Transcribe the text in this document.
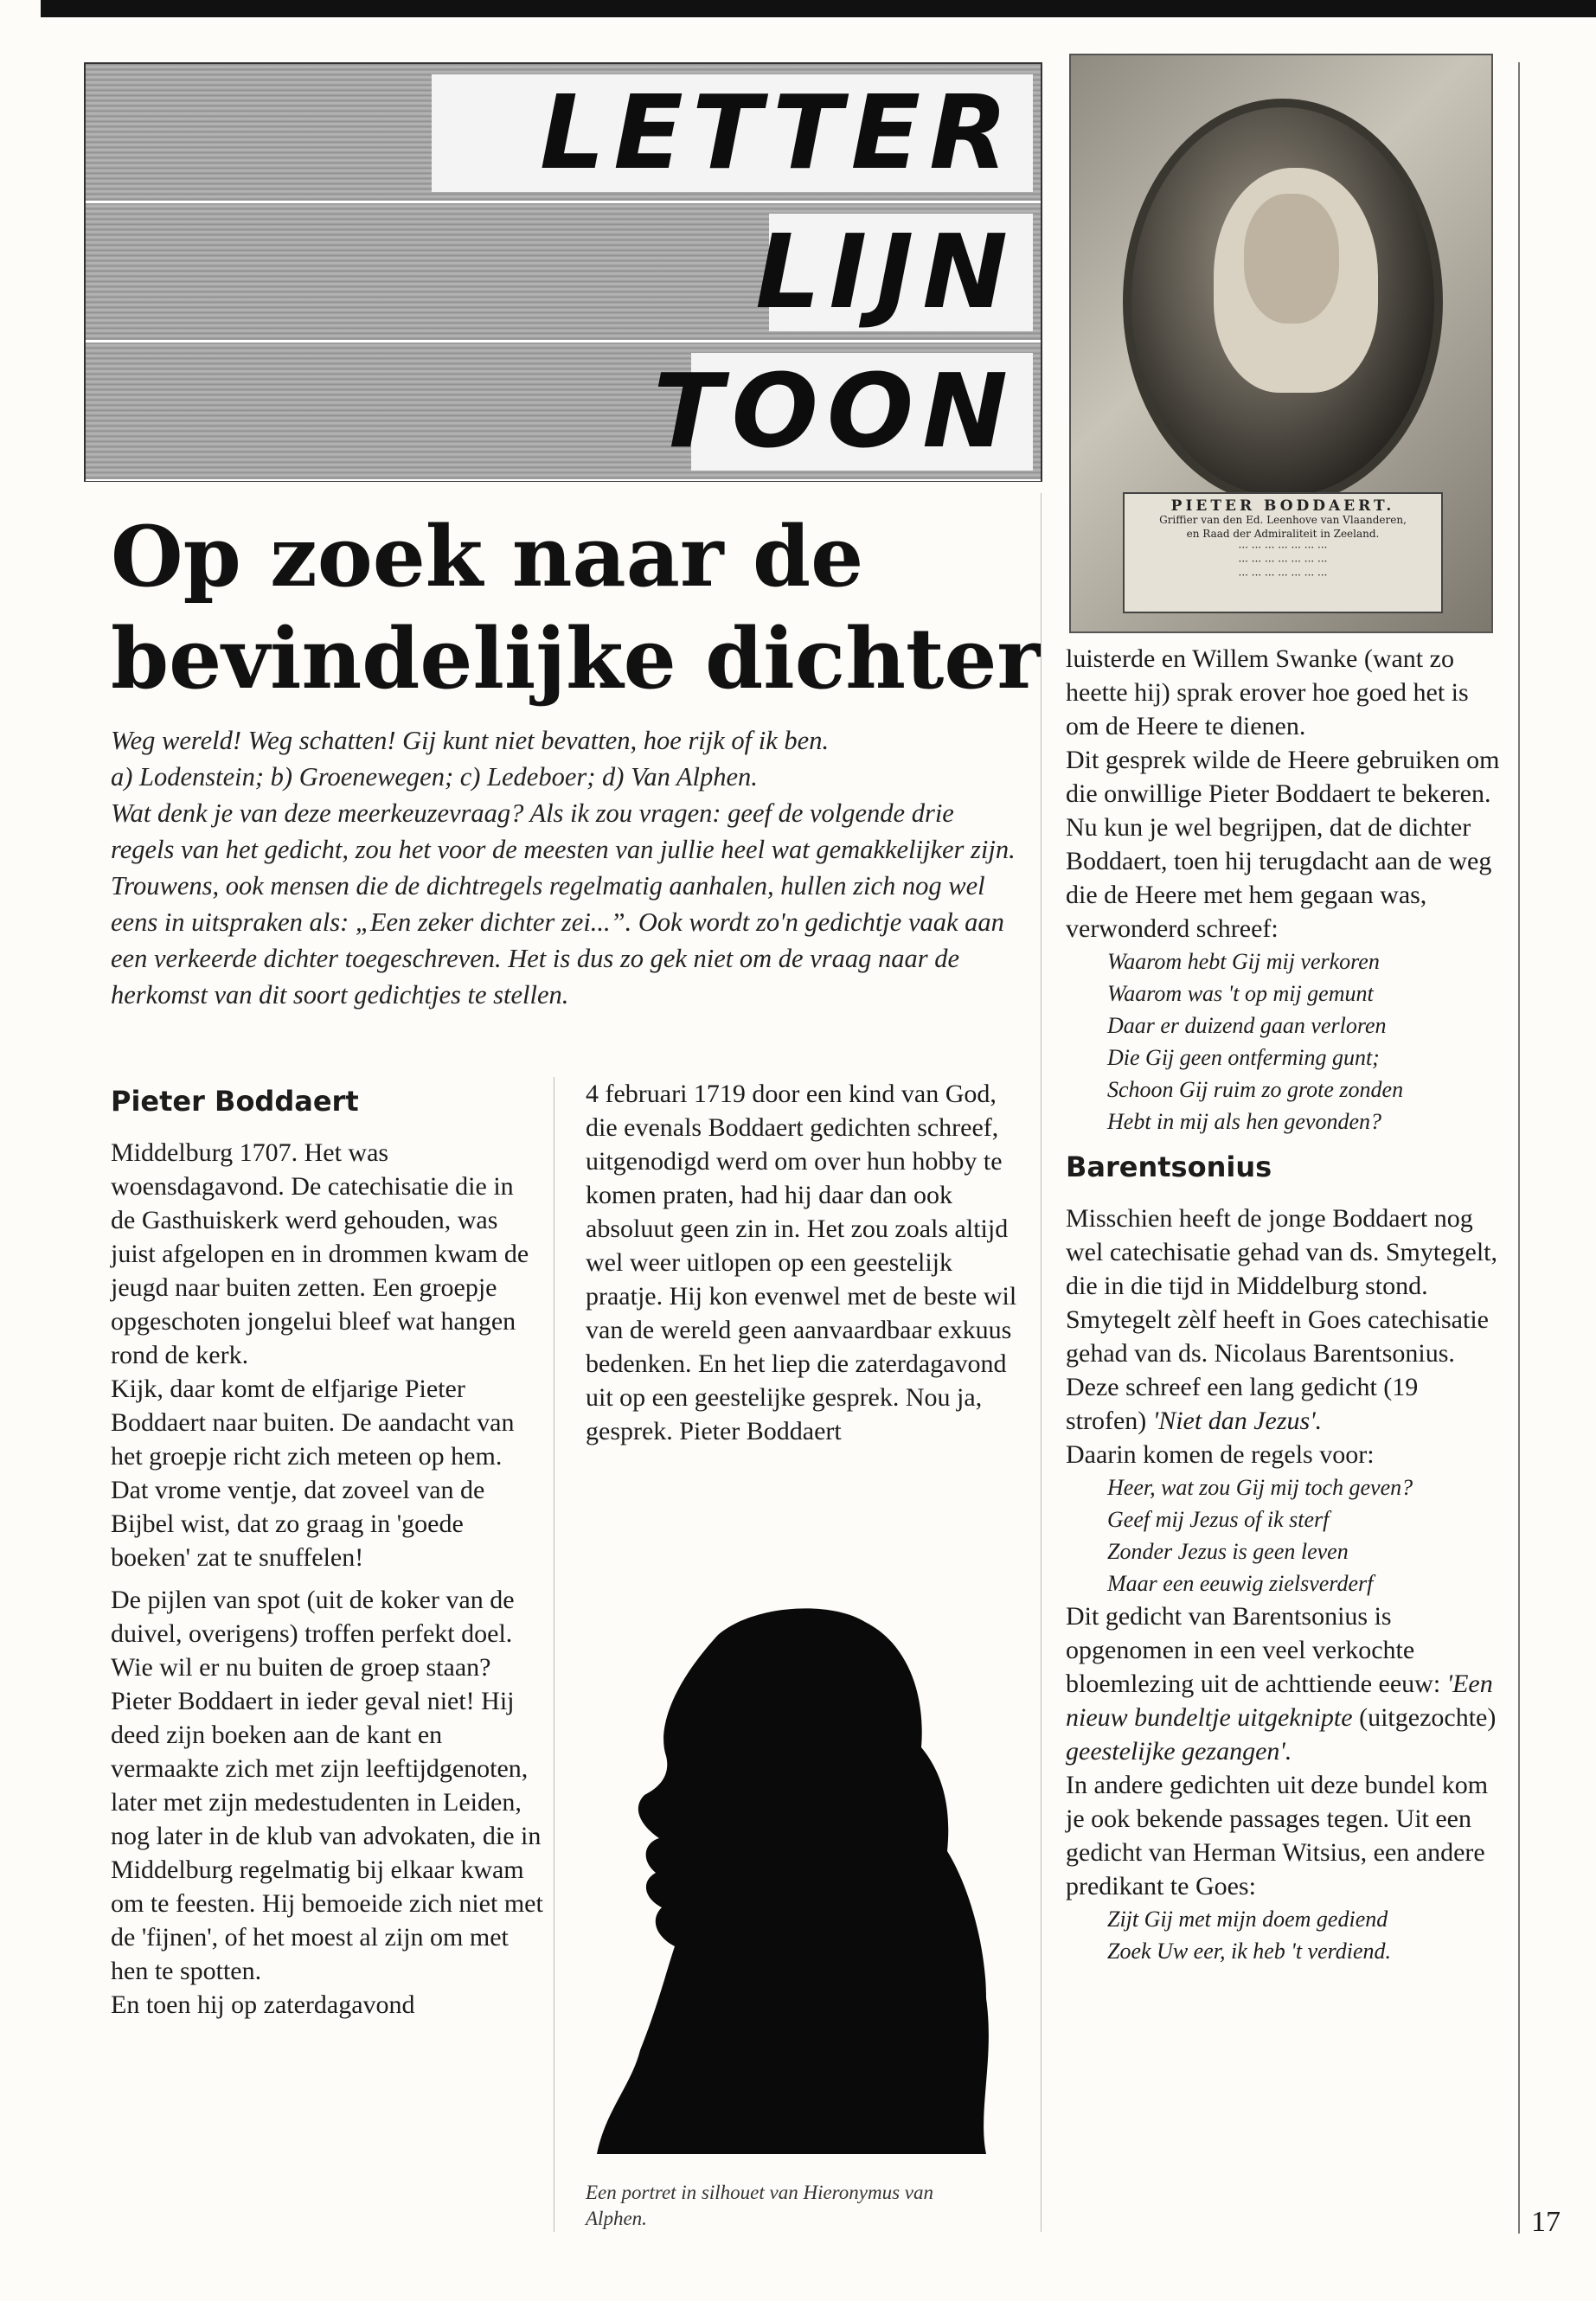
LETTER
LIJN
TOON
PIETER BODDAERT.
Griffier van den Ed. Leenhove van Vlaanderen,
en Raad der Admiraliteit in Zeeland.
··· ··· ··· ··· ··· ··· ···
··· ··· ··· ··· ··· ··· ···
··· ··· ··· ··· ··· ··· ···
Op zoek naar de
bevindelijke dichter

Weg wereld! Weg schatten! Gij kunt niet bevatten, hoe rijk of ik ben.

a) Lodenstein; b) Groenewegen; c) Ledeboer; d) Van Alphen.

Wat denk je van deze meerkeuzevraag? Als ik zou vragen: geef de volgende drie regels van het gedicht, zou het voor de meesten van jullie heel wat gemakkelijker zijn. Trouwens, ook mensen die de dichtregels regelmatig aanhalen, hullen zich nog wel eens in uitspraken als: „Een zeker dichter zei...”. Ook wordt zo'n gedichtje vaak aan een verkeerde dichter toegeschreven. Het is dus zo gek niet om de vraag naar de herkomst van dit soort gedichtjes te stellen.

Pieter Boddaert

Middelburg 1707. Het was woensdagavond. De catechisatie die in de Gasthuiskerk werd gehouden, was juist afgelopen en in drommen kwam de jeugd naar buiten zetten. Een groepje opgeschoten jongelui bleef wat hangen rond de kerk.

Kijk, daar komt de elfjarige Pieter Boddaert naar buiten. De aandacht van het groepje richt zich meteen op hem. Dat vrome ventje, dat zoveel van de Bijbel wist, dat zo graag in 'goede boeken' zat te snuffelen!

De pijlen van spot (uit de koker van de duivel, overigens) troffen perfekt doel. Wie wil er nu buiten de groep staan? Pieter Boddaert in ieder geval niet! Hij deed zijn boeken aan de kant en vermaakte zich met zijn leeftijdgenoten, later met zijn medestudenten in Leiden, nog later in de klub van advokaten, die in Middelburg regelmatig bij elkaar kwam om te feesten. Hij bemoeide zich niet met de 'fijnen', of het moest al zijn om met hen te spotten.

En toen hij op zaterdagavond

4 februari 1719 door een kind van God, die evenals Boddaert gedichten schreef, uitgenodigd werd om over hun hobby te komen praten, had hij daar dan ook absoluut geen zin in. Het zou zoals altijd wel weer uitlopen op een geestelijk praatje. Hij kon evenwel met de beste wil van de wereld geen aanvaardbaar exkuus bedenken. En het liep die zaterdagavond uit op een geestelijke gesprek. Nou ja, gesprek. Pieter Boddaert

Een portret in silhouet van Hieronymus van Alphen.

luisterde en Willem Swanke (want zo heette hij) sprak erover hoe goed het is om de Heere te dienen.

Dit gesprek wilde de Heere gebruiken om die onwillige Pieter Boddaert te bekeren. Nu kun je wel begrijpen, dat de dichter Boddaert, toen hij terugdacht aan de weg die de Heere met hem gegaan was, verwonderd schreef:

Waarom hebt Gij mij verkoren
Waarom was 't op mij gemunt
Daar er duizend gaan verloren
Die Gij geen ontferming gunt;
Schoon Gij ruim zo grote zonden
Hebt in mij als hen gevonden?

Barentsonius

Misschien heeft de jonge Boddaert nog wel catechisatie gehad van ds. Smytegelt, die in die tijd in Middelburg stond. Smytegelt zèlf heeft in Goes catechisatie gehad van ds. Nicolaus Barentsonius. Deze schreef een lang gedicht (19 strofen) 'Niet dan Jezus'.

Daarin komen de regels voor:

Heer, wat zou Gij mij toch geven?
Geef mij Jezus of ik sterf
Zonder Jezus is geen leven
Maar een eeuwig zielsverderf

Dit gedicht van Barentsonius is opgenomen in een veel verkochte bloemlezing uit de achttiende eeuw: 'Een nieuw bundeltje uitgeknipte (uitgezochte) geestelijke gezangen'.

In andere gedichten uit deze bundel kom je ook bekende passages tegen. Uit een gedicht van Herman Witsius, een andere predikant te Goes:

Zijt Gij met mijn doem gediend
Zoek Uw eer, ik heb 't verdiend.
17
